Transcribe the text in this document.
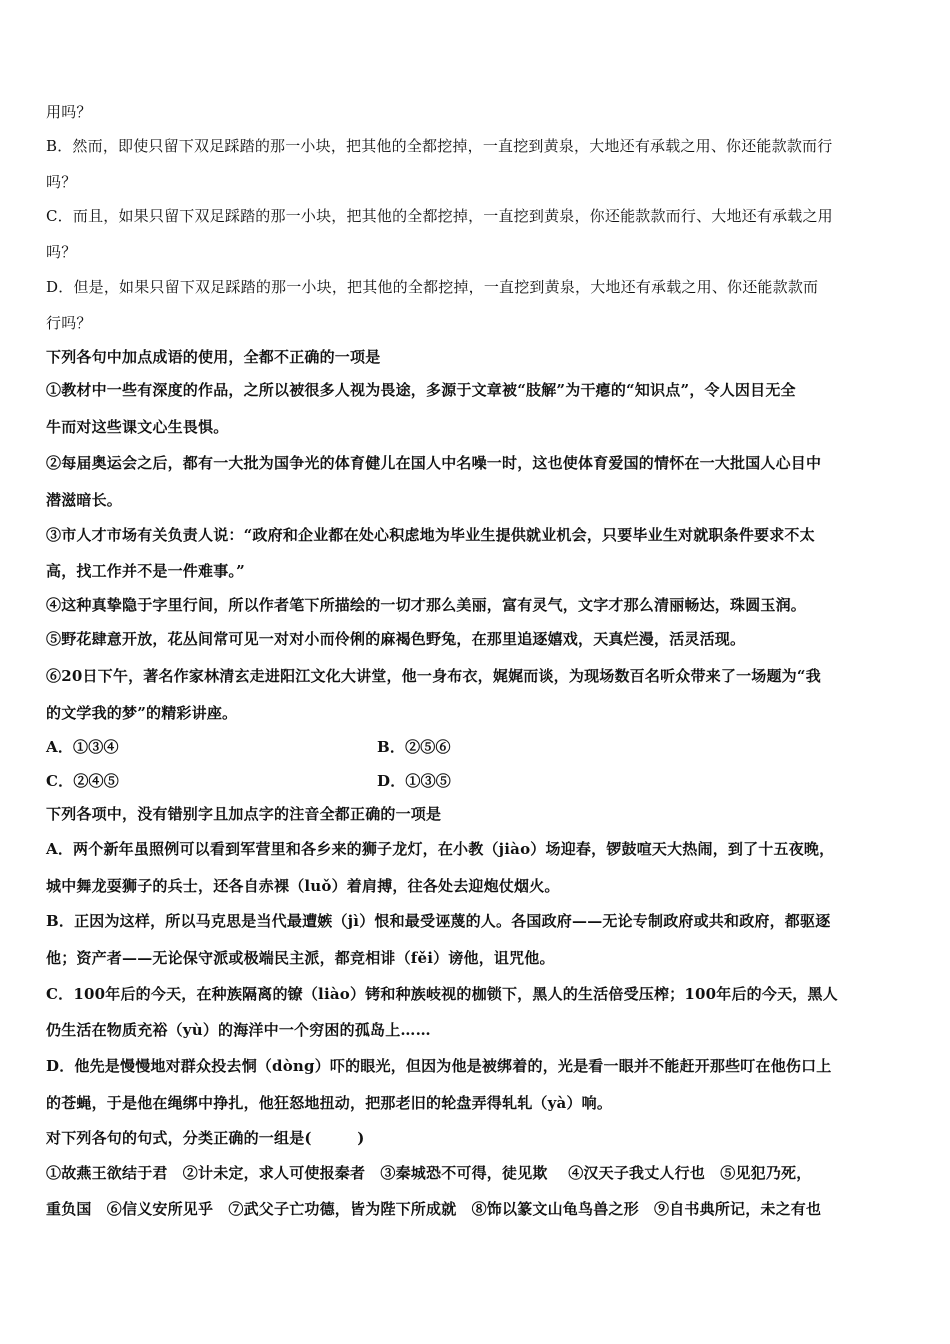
用吗？
B．然而，即使只留下双足踩踏的那一小块，把其他的全都挖掉，一直挖到黄泉，大地还有承载之用、你还能款款而行
吗？
C．而且，如果只留下双足踩踏的那一小块，把其他的全都挖掉，一直挖到黄泉，你还能款款而行、大地还有承载之用
吗？
D．但是，如果只留下双足踩踏的那一小块，把其他的全都挖掉，一直挖到黄泉，大地还有承载之用、你还能款款而
行吗？
下列各句中加点成语的使用，全都不正确的一项是
①教材中一些有深度的作品，之所以被很多人视为畏途，多源于文章被“肢解”为干瘪的“知识点”，令人因目无全
牛而对这些课文心生畏惧。
②每届奥运会之后，都有一大批为国争光的体育健儿在国人中名噪一时，这也使体育爱国的情怀在一大批国人心目中
潜滋暗长。
③市人才市场有关负责人说：“政府和企业都在处心积虑地为毕业生提供就业机会，只要毕业生对就职条件要求不太
高，找工作并不是一件难事。”
④这种真挚隐于字里行间，所以作者笔下所描绘的一切才那么美丽，富有灵气，文字才那么清丽畅达，珠圆玉润。
⑤野花肆意开放，花丛间常可见一对对小而伶俐的麻褐色野兔，在那里追逐嬉戏，天真烂漫，活灵活现。
⑥20日下午，著名作家林清玄走进阳江文化大讲堂，他一身布衣，娓娓而谈，为现场数百名听众带来了一场题为“我
的文学我的梦”的精彩讲座。
A．①③④	B．②⑤⑥
C．②④⑤	D．①③⑤
下列各项中，没有错别字且加点字的注音全都正确的一项是
A．两个新年虽照例可以看到军营里和各乡来的狮子龙灯，在小教（jiào）场迎春，锣鼓喧天大热闹，到了十五夜晚，
城中舞龙耍狮子的兵士，还各自赤裸（luǒ）着肩搏，往各处去迎炮仗烟火。
B．正因为这样，所以马克思是当代最遭嫉（jì）恨和最受诬蔑的人。各国政府——无论专制政府或共和政府，都驱逐
他；资产者——无论保守派或极端民主派，都竞相诽（fěi）谤他，诅咒他。
C．100年后的今天，在种族隔离的镣（liào）铐和种族岐视的枷锁下，黑人的生活倍受压榨；100年后的今天，黑人
仍生活在物质充裕（yù）的海洋中一个穷困的孤岛上……
D．他先是慢慢地对群众投去恫（dòng）吓的眼光，但因为他是被绑着的，光是看一眼并不能赶开那些叮在他伤口上
的苍蝇，于是他在绳绑中挣扎，他狂怒地扭动，把那老旧的轮盘弄得轧轧（yà）响。
对下列各句的句式，分类正确的一组是(　　　)
①故燕王欲结于君　②计未定，求人可使报秦者　③秦城恐不可得，徒见欺　 ④汉天子我丈人行也　⑤见犯乃死，
重负国　⑥信义安所见乎　⑦武父子亡功德，皆为陛下所成就　⑧饰以篆文山龟鸟兽之形　⑨自书典所记，未之有也
